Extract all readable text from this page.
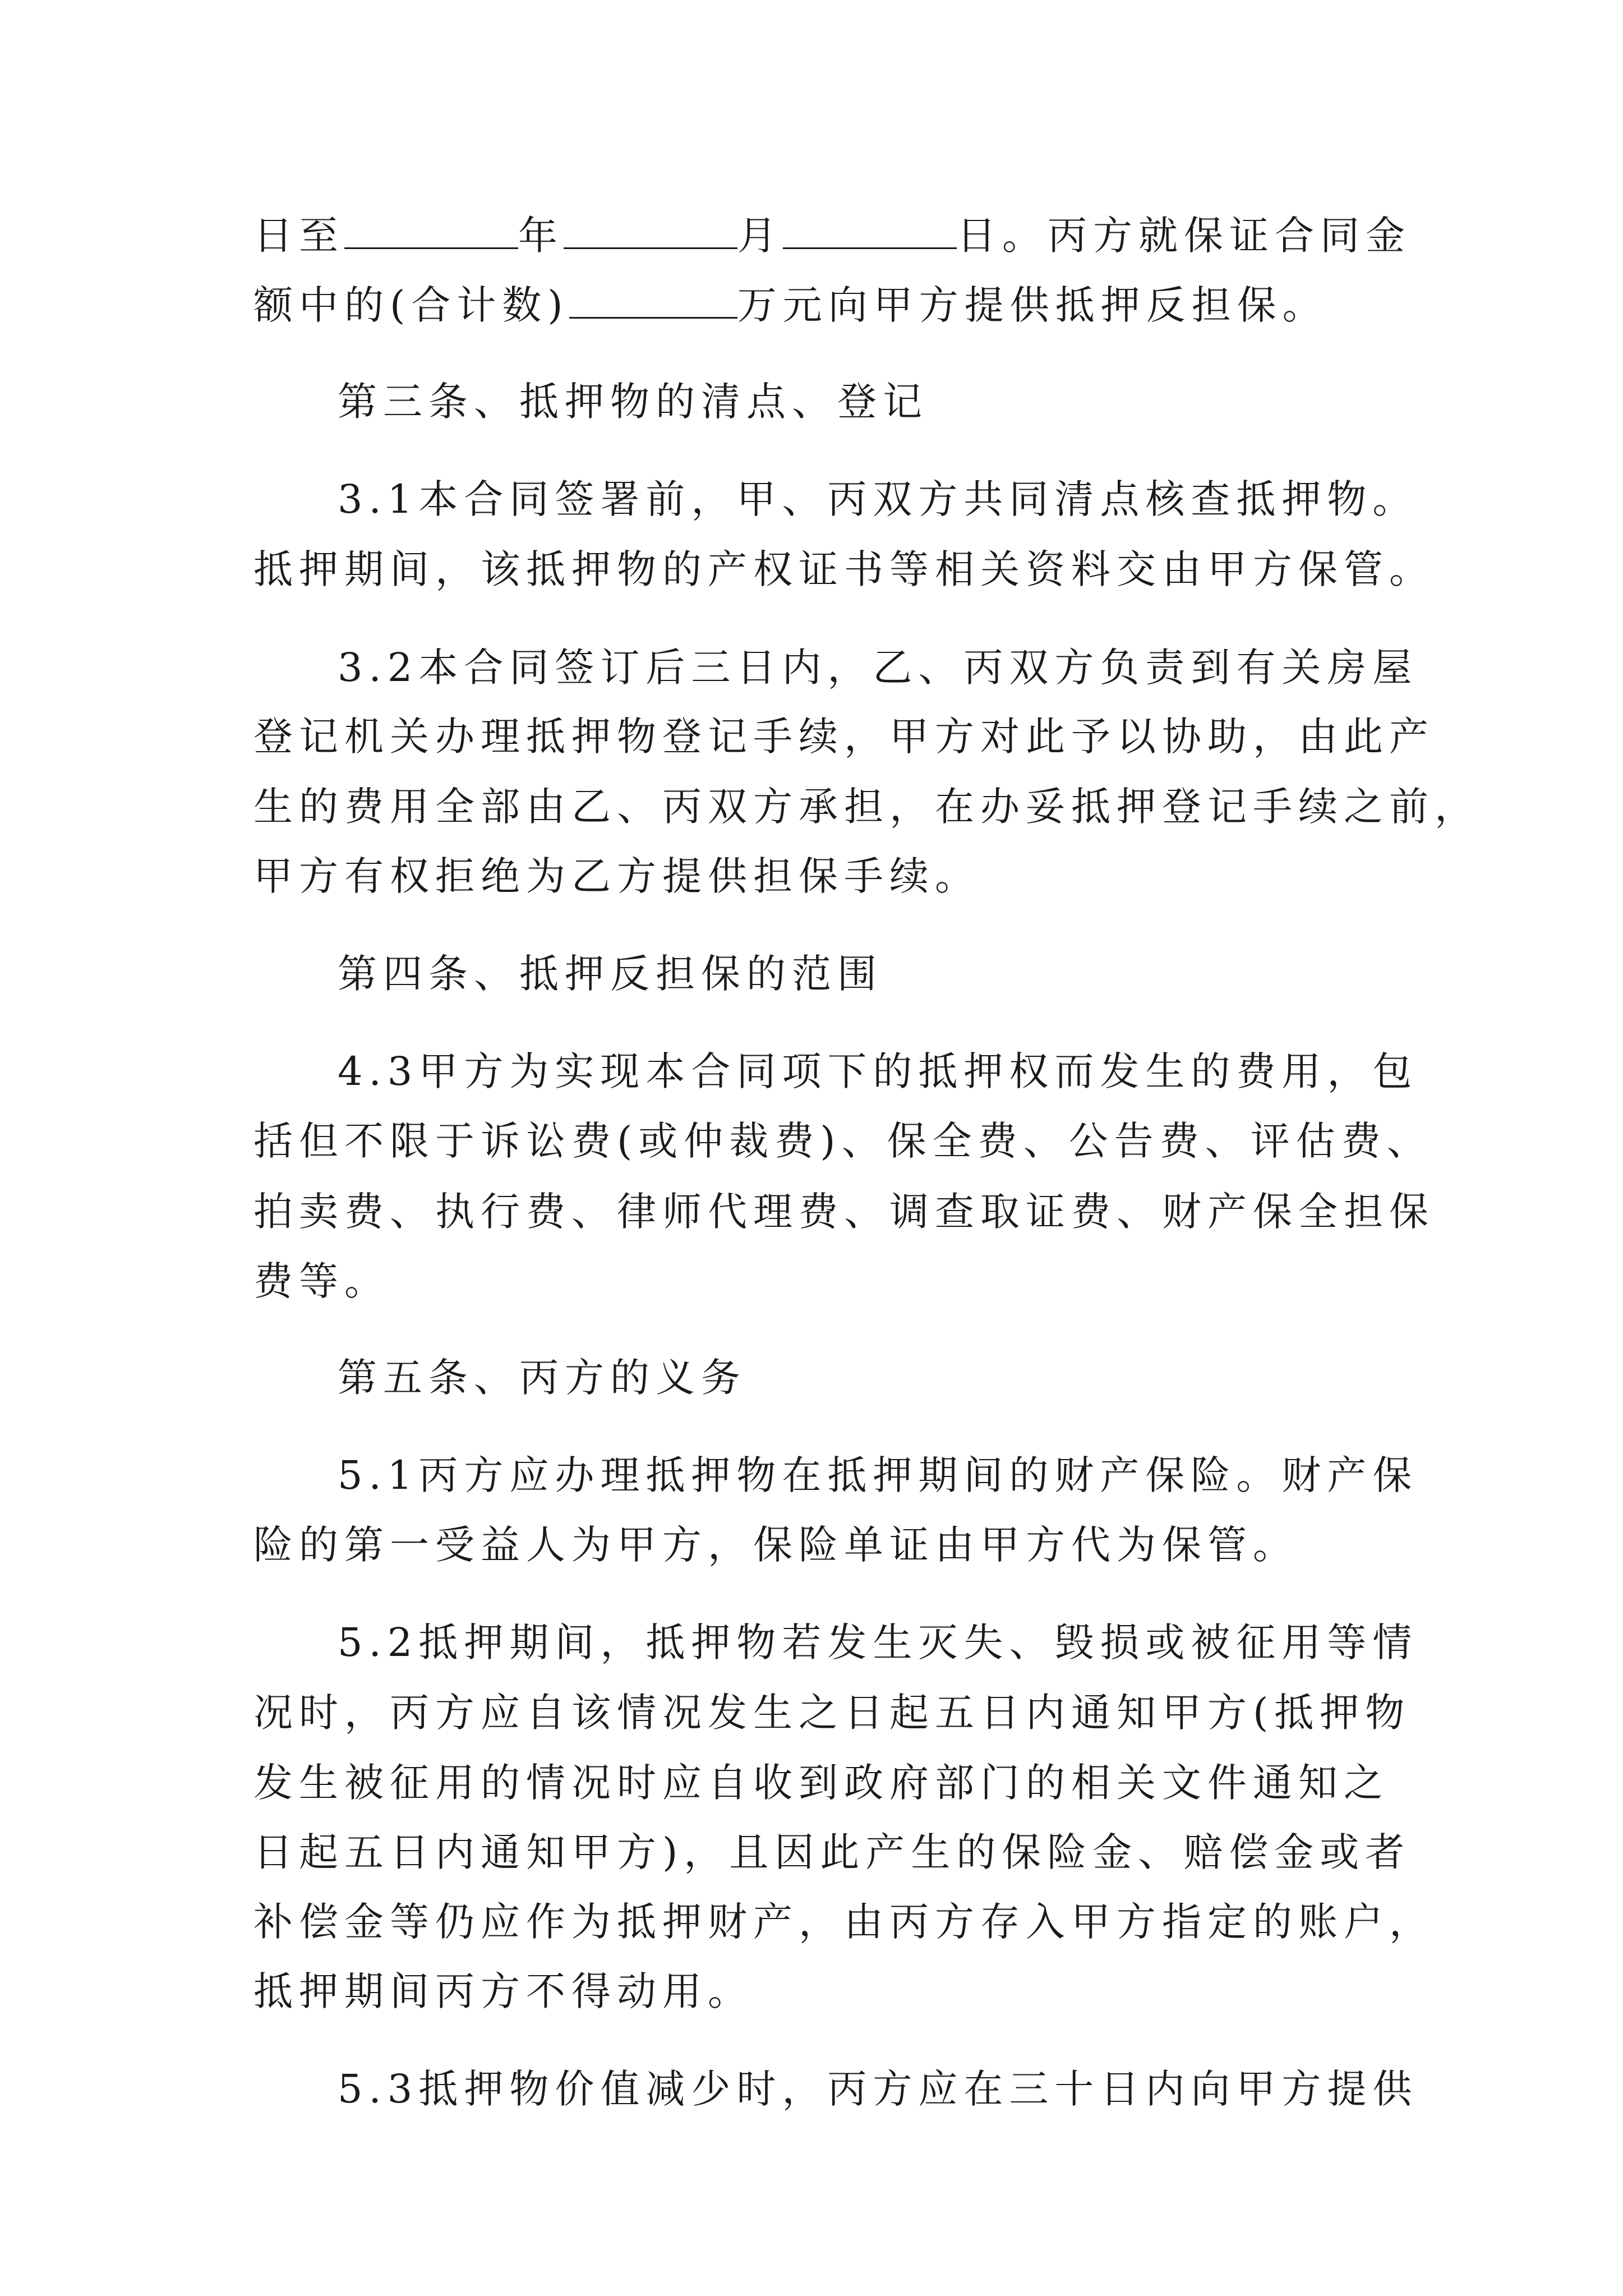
日至	年	月	日。丙方就保证合同金
额中的(合计数)	万元向甲方提供抵押反担保。
第三条、抵押物的清点、登记
3.1本合同签署前，甲、丙双方共同清点核查抵押物。
抵押期间，该抵押物的产权证书等相关资料交由甲方保管。
3.2本合同签订后三日内，乙、丙双方负责到有关房屋
登记机关办理抵押物登记手续，甲方对此予以协助，由此产
生的费用全部由乙、丙双方承担，在办妥抵押登记手续之前，
甲方有权拒绝为乙方提供担保手续。
第四条、抵押反担保的范围
4.3甲方为实现本合同项下的抵押权而发生的费用，包
括但不限于诉讼费(或仲裁费)、保全费、公告费、评估费、
拍卖费、执行费、律师代理费、调查取证费、财产保全担保
费等。
第五条、丙方的义务
5.1丙方应办理抵押物在抵押期间的财产保险。财产保
险的第一受益人为甲方，保险单证由甲方代为保管。
5.2抵押期间，抵押物若发生灭失、毁损或被征用等情
况时，丙方应自该情况发生之日起五日内通知甲方(抵押物
发生被征用的情况时应自收到政府部门的相关文件通知之
日起五日内通知甲方)，且因此产生的保险金、赔偿金或者
补偿金等仍应作为抵押财产，由丙方存入甲方指定的账户，
抵押期间丙方不得动用。
5.3抵押物价值减少时，丙方应在三十日内向甲方提供
